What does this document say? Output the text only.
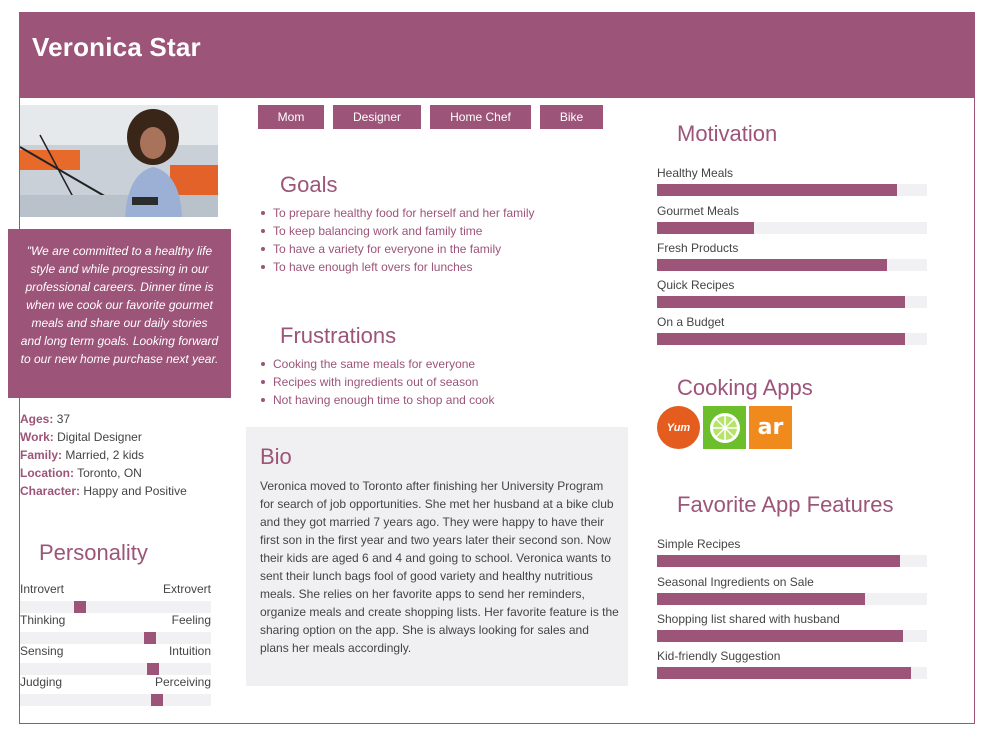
Veronica Star
"We are committed to a healthy life style and while progressing in our professional careers. Dinner time is when we cook our favorite gourmet meals and share our daily stories and long term goals. Looking forward to our new home purchase next year.
Ages: 37
Work: Digital Designer
Family: Married, 2 kids
Location: Toronto, ON
Character: Happy and Positive
Personality
Introvert	Extrovert
Thinking	Feeling
Sensing	Intuition
Judging	Perceiving
Mom	Designer	Home Chef	Bike
Goals
To prepare healthy food for herself and her family
To keep balancing work and family time
To have a variety for everyone in the family
To have enough left overs for lunches
Frustrations
Cooking the same meals for everyone
Recipes with ingredients out of season
Not having enough time to shop and cook
Bio
Veronica moved to Toronto after finishing her University Program for search of job opportunities. She met her husband at a bike club and they got married 7 years ago. They were happy to have their first son in the first year and two years later their second son. Now their kids are aged 6 and 4 and going to school. Veronica wants to sent their lunch bags fool of good variety and healthy nutritious meals. She relies on her favorite apps to send her reminders, organize meals and create shopping lists. Her favorite feature is the sharing option on the app. She is always looking for sales and plans her meals accordingly.
Motivation
Healthy Meals
Gourmet Meals
Fresh Products
Quick Recipes
On a Budget
Cooking Apps
Yum	ar
Favorite App Features
Simple Recipes
Seasonal Ingredients on Sale
Shopping list shared with husband
Kid-friendly Suggestion
